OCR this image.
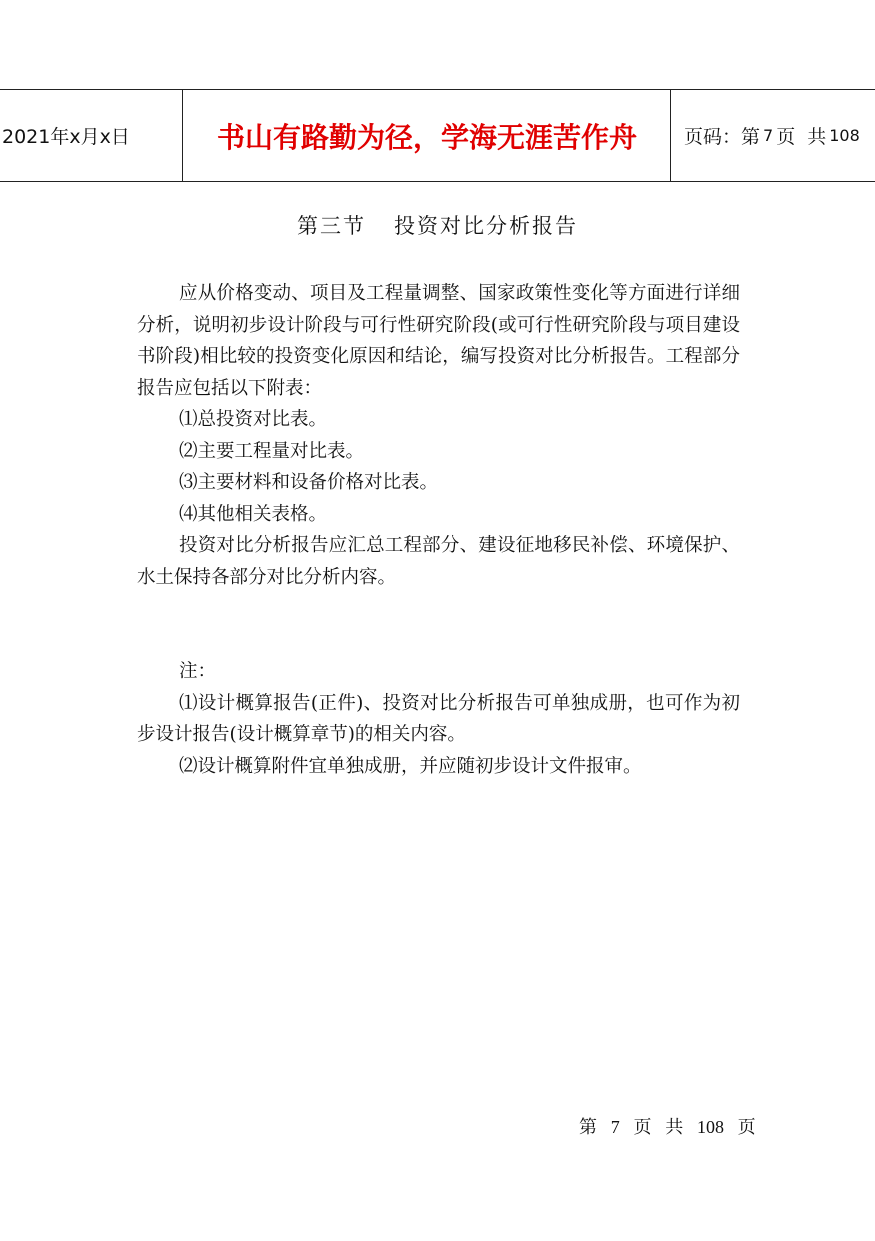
2021年x月x日	书山有路勤为径，学海无涯苦作舟	页码：第 7 页 共 108
第三节 投资对比分析报告

应从价格变动、项目及工程量调整、国家政策性变化等方面进行详细分析，说明初步设计阶段与可行性研究阶段(或可行性研究阶段与项目建设书阶段)相比较的投资变化原因和结论，编写投资对比分析报告。工程部分报告应包括以下附表：

⑴总投资对比表。

⑵主要工程量对比表。

⑶主要材料和设备价格对比表。

⑷其他相关表格。

投资对比分析报告应汇总工程部分、建设征地移民补偿、环境保护、水土保持各部分对比分析内容。

注：

⑴设计概算报告(正件)、投资对比分析报告可单独成册，也可作为初步设计报告(设计概算章节)的相关内容。

⑵设计概算附件宜单独成册，并应随初步设计文件报审。

第 7 页 共 108 页
